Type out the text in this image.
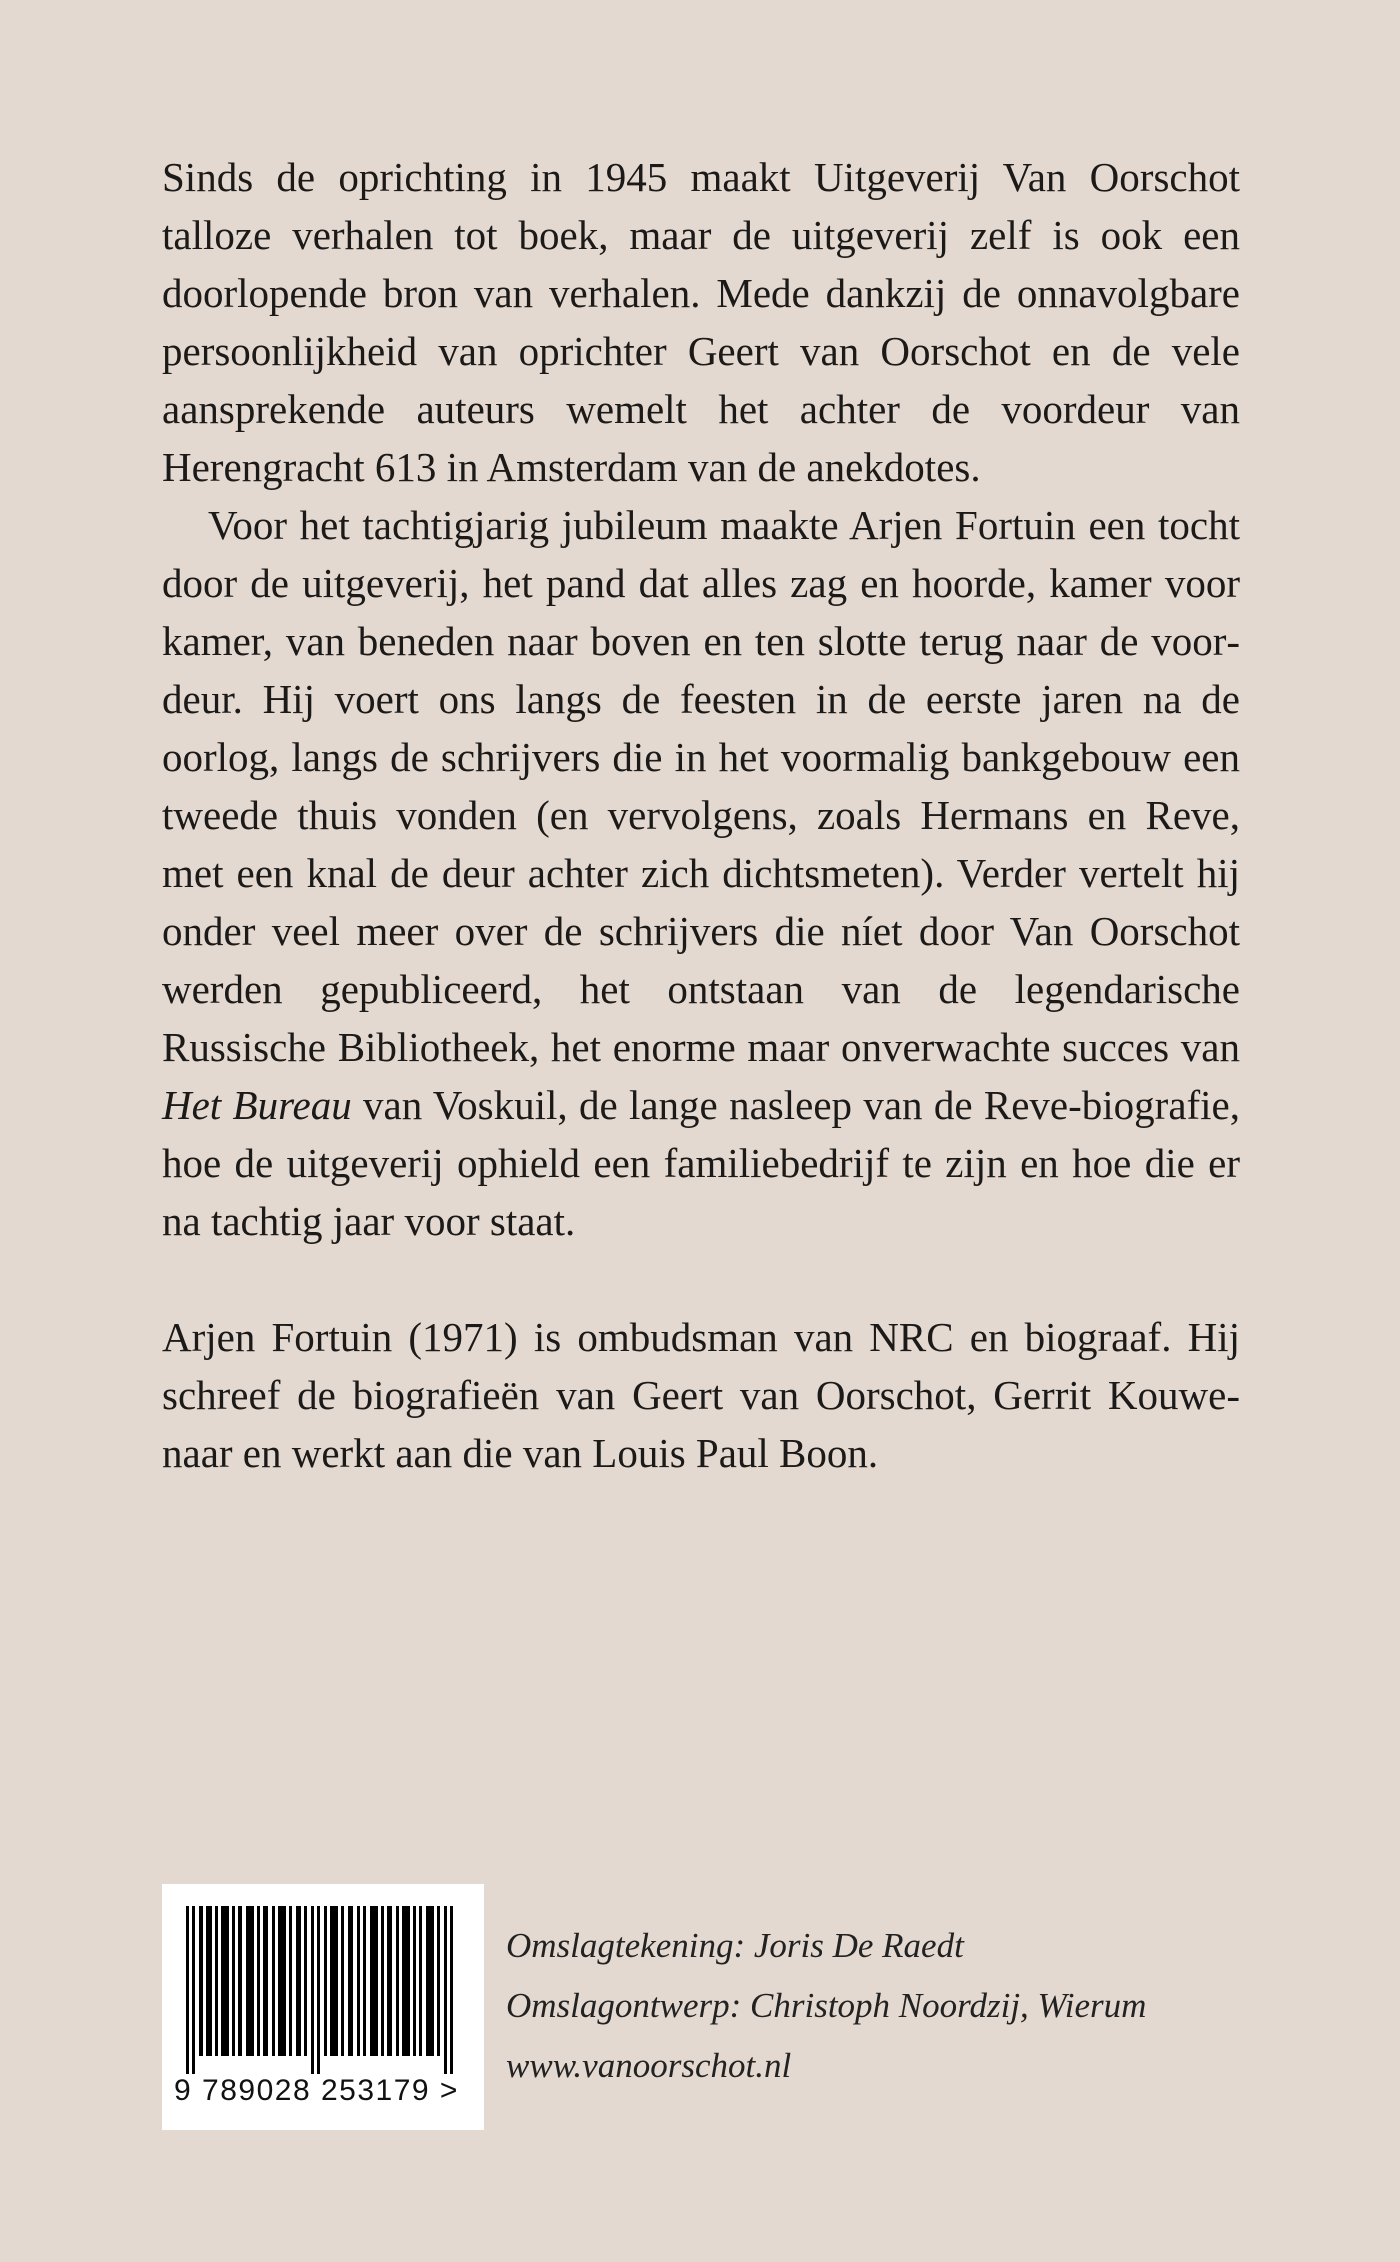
Sinds de oprichting in 1945 maakt Uitgeverij Van Oorschot talloze verhalen tot boek, maar de uitgeverij zelf is ook een doorlopende bron van verhalen. Mede dankzij de onnavolgbare persoonlijkheid van oprichter Geert van Oorschot en de vele aansprekende auteurs wemelt het achter de voordeur van Herengracht 613 in Amsterdam van de anekdotes.

Voor het tachtigjarig jubileum maakte Arjen Fortuin een tocht door de uitgeverij, het pand dat alles zag en hoorde, kamer voor kamer, van beneden naar boven en ten slotte terug naar de voordeur. Hij voert ons langs de feesten in de eerste jaren na de oorlog, langs de schrijvers die in het voormalig bankgebouw een tweede thuis vonden (en vervolgens, zoals Hermans en Reve, met een knal de deur achter zich dichtsmeten). Verder vertelt hij onder veel meer over de schrijvers die níet door Van Oorschot werden gepubliceerd, het ontstaan van de legendarische Russische Bibliotheek, het enorme maar onverwachte succes van Het Bureau van Voskuil, de lange nasleep van de Reve-biografie, hoe de uitgeverij ophield een familiebedrijf te zijn en hoe die er na tachtig jaar voor staat.

Arjen Fortuin (1971) is ombudsman van NRC en biograaf. Hij schreef de biografieën van Geert van Oorschot, Gerrit Kouwenaar en werkt aan die van Louis Paul Boon.

9 789028 253179 >
Omslagtekening: Joris De Raedt
Omslagontwerp: Christoph Noordzij, Wierum
www.vanoorschot.nl
